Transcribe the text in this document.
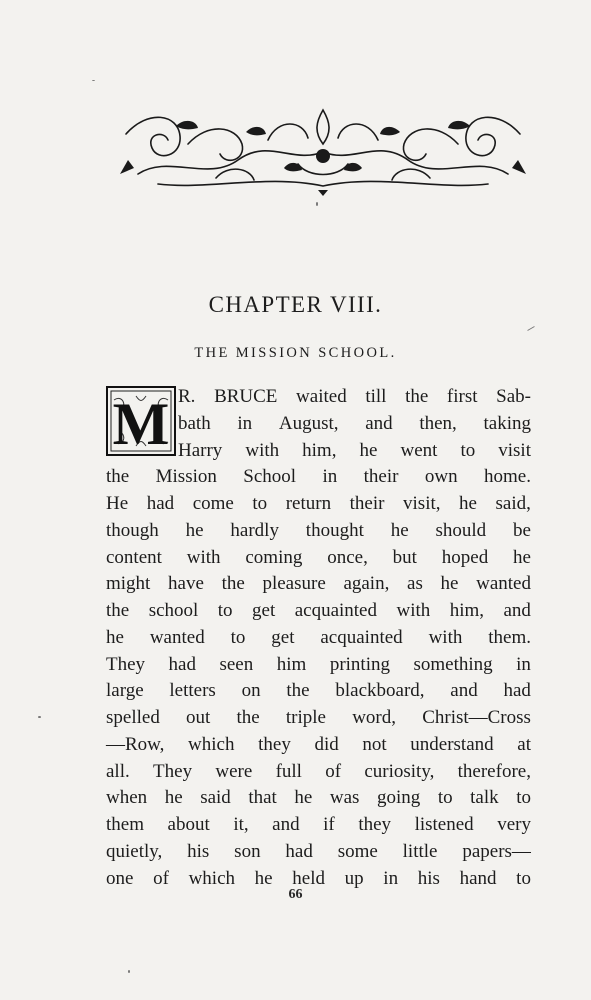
CHAPTER VIII.
THE MISSION SCHOOL.
M R. BRUCE waited till the first Sab-
bath in August, and then, taking
Harry with him, he went to visit
the Mission School in their own home.
He had come to return their visit, he said,
though he hardly thought he should be
content with coming once, but hoped he
might have the pleasure again, as he wanted
the school to get acquainted with him, and
he wanted to get acquainted with them.
They had seen him printing something in
large letters on the blackboard, and had
spelled out the triple word, Christ—Cross
—Row, which they did not understand at
all. They were full of curiosity, therefore,
when he said that he was going to talk to
them about it, and if they listened very
quietly, his son had some little papers—
one of which he held up in his hand to
66
